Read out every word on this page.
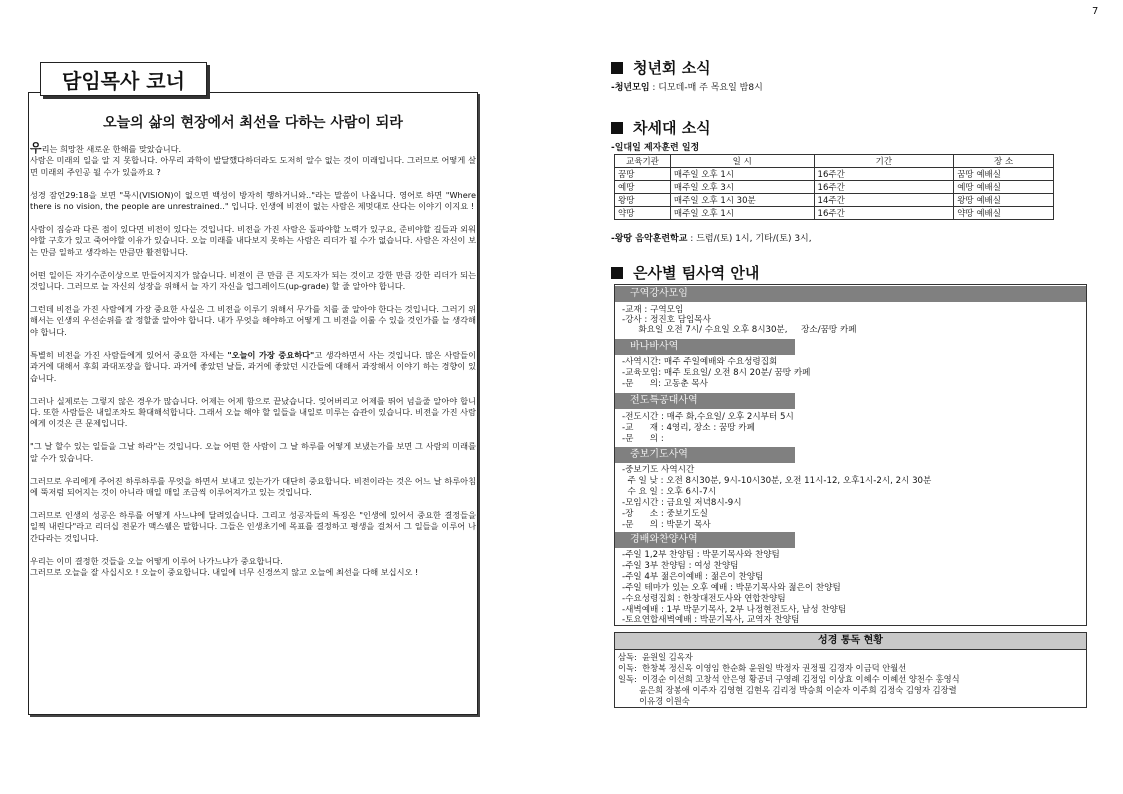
7
담임목사 코너
오늘의 삶의 현장에서 최선을 다하는 사람이 되라

우리는 희망찬 새로운 한해를 맞았습니다.
사람은 미래의 일을 알 지 못합니다. 아무리 과학이 발달했다하더라도 도저히 알수 없는 것이 미래입니다. 그러므로 어떻게 살면 미래의 주인공 될 수가 있을까요 ?

성경 잠언29:18을 보면 "묵시(VISION)이 없으면 백성이 방자히 행하거니와.."라는 말씀이 나옵니다. 영어로 하면 "Where there is no vision, the people are unrestrained.." 입니다. 인생에 비전이 없는 사람은 제멋대로 산다는 이야기 이지요 !

사람이 짐승과 다른 점이 있다면 비전이 있다는 것입니다. 비전을 가진 사람은 돌파야할 노력가 있구요, 준비야할 길들과 외워야할 구호가 있고 죽어야할 이유가 있습니다. 오늘 미래를 내다보지 못하는 사람은 리더가 될 수가 없습니다. 사람은 자신이 보는 만큼 일하고 생각하는 만큼만 활전합니다.

어떤 일이든 자기수준이상으로 만들어지지가 않습니다. 비전이 큰 만큼 큰 지도자가 되는 것이고 강한 만큼 강한 리더가 되는 것입니다. 그러므로 늘 자신의 성장을 위해서 늘 자기 자신을 업그레이드(up-grade) 할 줄 알아야 합니다.

그런데 비전을 가진 사람에게 가장 중요한 사실은 그 비전을 이루기 위해서 무가를 치를 줄 알아야 한다는 것입니다. 그러기 위해서는 인생의 우선순위를 잘 정할줄 알아야 합니다. 내가 무엇을 해야하고 어떻게 그 비전을 이룰 수 있을 것인가를 늘 생각해야 합니다.

특별히 비전을 가진 사람들에게 있어서 중요한 자세는 "오늘이 가장 중요하다"고 생각하면서 사는 것입니다. 많은 사람들이 과거에 대해서 후회 과대포장을 합니다. 과거에 좋았던 날들, 과거에 좋았던 시간들에 대해서 과장해서 이야기 하는 경향이 있습니다.

그러나 실제로는 그렇지 않은 경우가 많습니다. 어제는 어제 함으로 끝났습니다. 잊어버리고 어제를 뛰어 넘을줄 알아야 합니다. 또한 사람들은 내일조차도 확대해석합니다. 그래서 오늘 해야 할 일들을 내일로 미루는 습관이 있습니다. 비전을 가진 사람에게 이것은 큰 문제입니다.

"그 날 할수 있는 일들을 그날 하라"는 것입니다. 오늘 어떤 한 사람이 그 날 하루를 어떻게 보냈는가를 보면 그 사람의 미래를 알 수가 있습니다.

그러므로 우리에게 주어진 하루하루를 무엇을 하면서 보내고 있는가가 대단히 중요합니다. 비전이라는 것은 어느 날 하루아침에 뚝저럼 되어지는 것이 아니라 매일 매일 조금씩 이루어져가고 있는 것입니다.

그러므로 인생의 성공은 하루를 어떻게 사느냐에 달려있습니다. 그리고 성공자들의 특징은 "인생에 있어서 중요한 결정들을 일찍 내린다"라고 리더십 전문가 맥스웰은 말합니다. 그들은 인생초기에 목표를 결정하고 평생을 걸쳐서 그 일들을 이루어 나간다라는 것입니다.

우리는 이미 결정한 것들을 오늘 어떻게 이루어 나가느냐가 중요합니다.
그러므로 오늘을 잘 사십시오 ! 오늘이 중요합니다. 내일에 너무 신경쓰지 않고 오늘에 최선을 다해 보십시오 !

청년회 소식
-청년모임 : 디모데-매 주 목요일 밤8시
차세대 소식
-일대일 제자훈련 일정
교육기관	일 시	기간	장 소
꿈땅	매주일 오후 1시	16주간	꿈땅 예배실
예땅	매주일 오후 3시	16주간	예땅 예배실
왕땅	매주일 오후 1시 30분	14주간	왕땅 예배실
약땅	매주일 오후 1시	16주간	약땅 예배실
-왕땅 음악훈련학교 : 드럼/(토) 1시, 기타/(토) 3시,
은사별 팀사역 안내
구역강사모임
-교재 : 구역모임
-강사 : 정진호 담임목사
화요일 오전 7시/ 수요일 오후 8시30분,     장소/꿈땅 카페
바나바사역
-사역시간: 매주 주일예배와 수요성령집회
-교육모임: 매주 토요일/ 오전 8시 20분/ 꿈땅 카페
-문      의: 고동춘 목사
전도특공대사역
-전도시간 : 매주 화,수요일/ 오후 2시부터 5시
-교      재 : 4영리, 장소 : 꿈땅 카페
-문      의 :
중보기도사역
-중보기도 사역시간
주 일 낮 : 오전 8시30분, 9시-10시30분, 오전 11시-12, 오후1시-2시, 2시 30분
수 요 일 : 오후 6시-7시
-모임시간 : 금요일 저녁8시-9시
-장      소 : 중보기도실
-문      의 : 박문기 목사
경배와찬양사역
-주일 1,2부 찬양팀 : 박문기목사와 찬양팀
-주일 3부 찬양팀 : 여성 찬양팀
-주일 4부 젊은이예배 : 젊은이 찬양팀
-주일 테마가 있는 오후 예배 : 박문기목사와 젊은이 찬양팀
-수요성령집회 : 한창대전도사와 연합찬양팀
-새벽예배 : 1부 박문기목사, 2부 나정현전도사, 남성 찬양팀
-토요연합새벽예배 : 박문기목사, 교역자 찬양팀
성경 통독 현황
삼독:  윤원일 김옥자
이독:  한창복 정신옥 이영임 한순화 윤원일 박정자 권정필 김경자 이금덕 안월선
일독:  이경순 이선희 고창석 안은영 황공녀 구영례 김정임 이상효 이혜수 이혜선 양천수 홍영식
윤은희 장봉애 이주자 김영현 김현옥 김리정 박승희 이순자 이주희 김정숙 김영자 김장렬
이유경 이원숙
